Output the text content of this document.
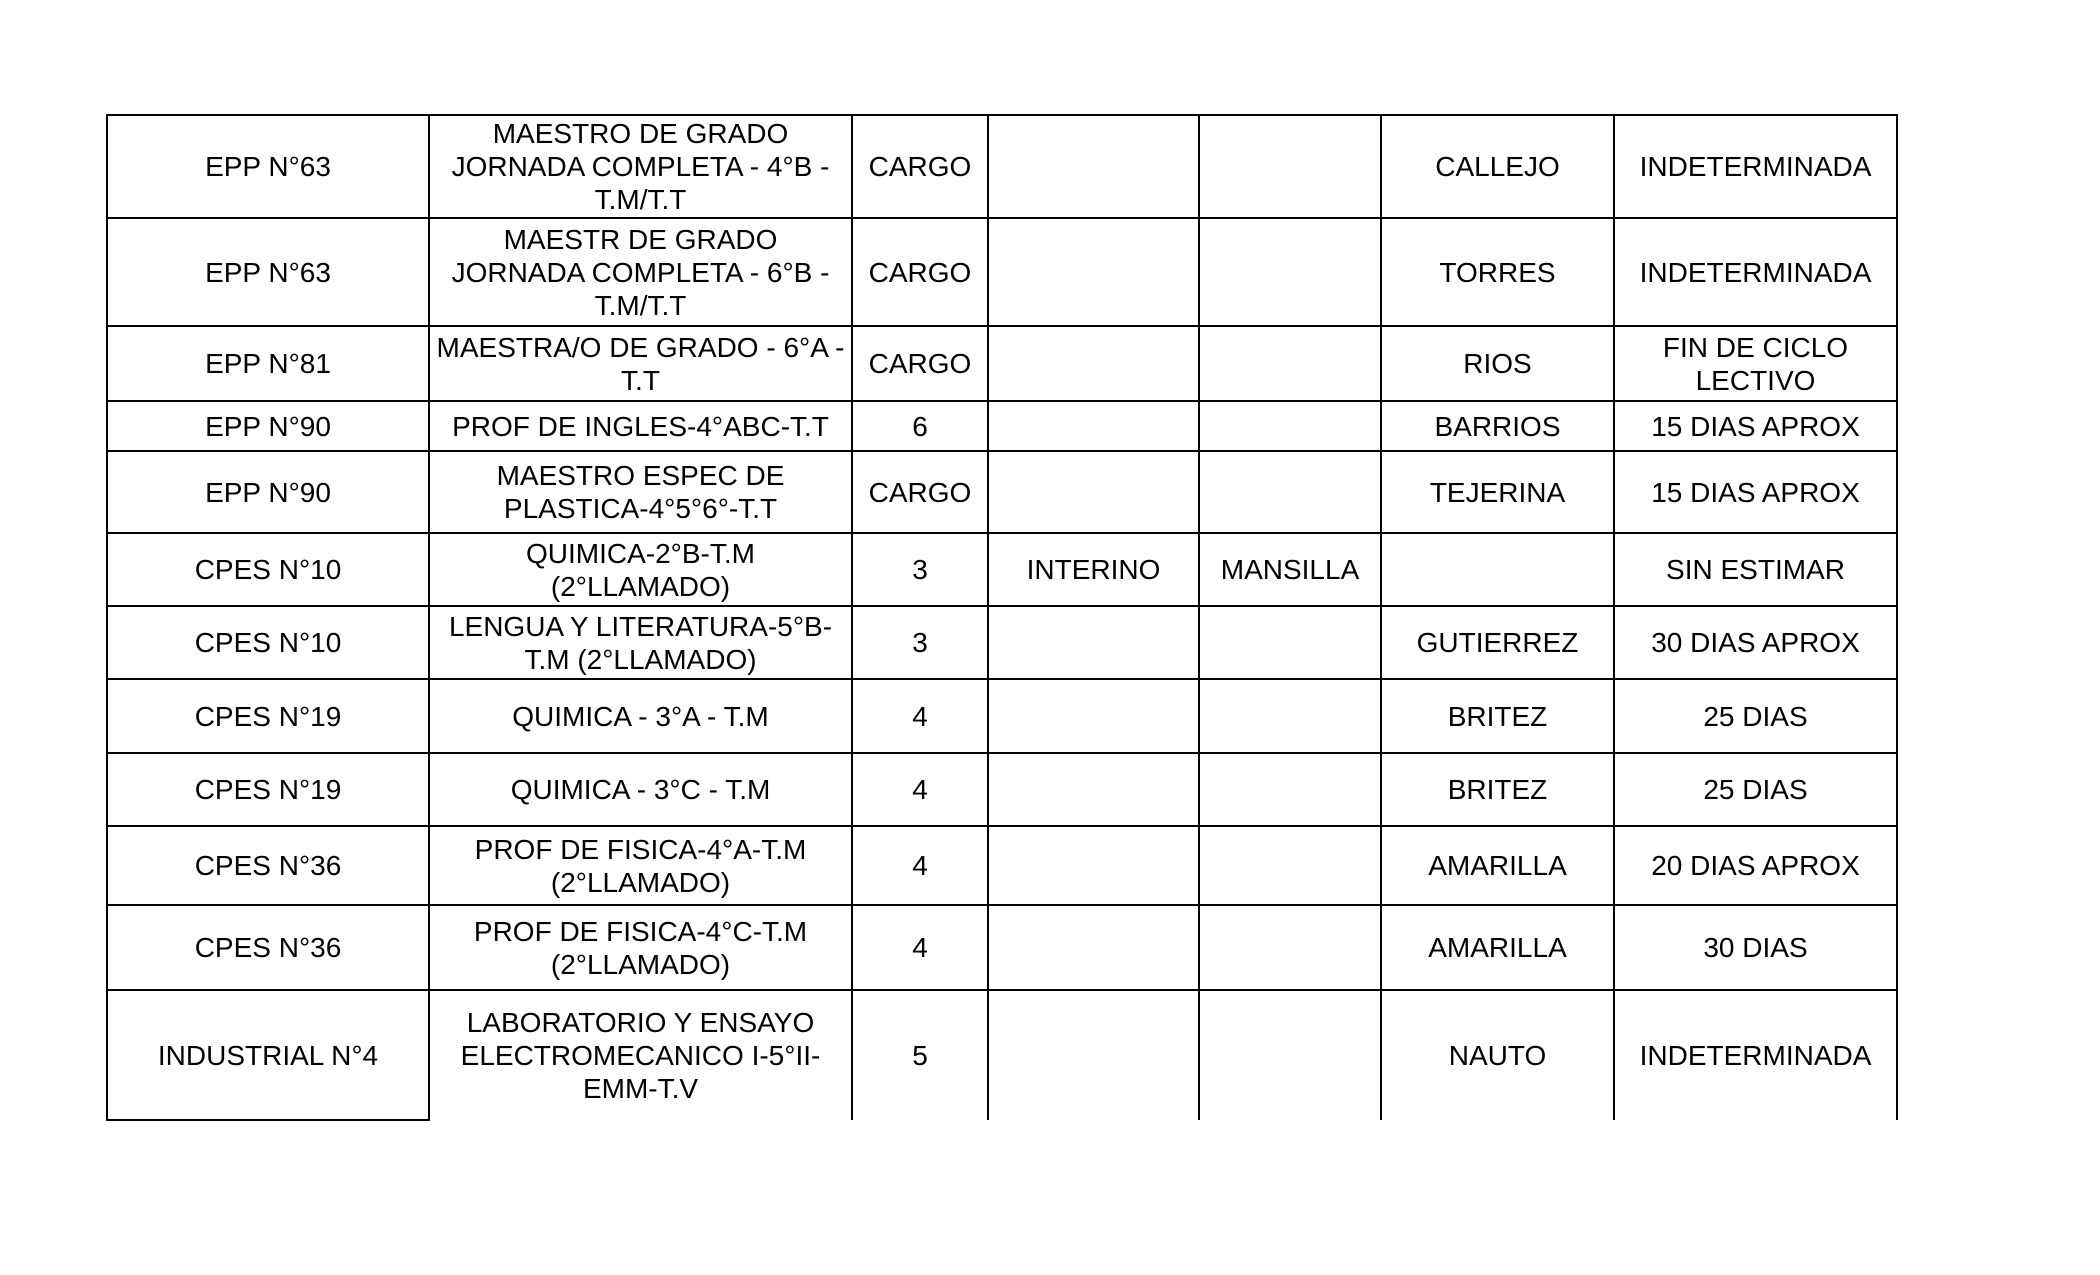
EPP N°63	MAESTRO DE GRADO JORNADA COMPLETA - 4°B - T.M/T.T	CARGO			CALLEJO	INDETERMINADA
EPP N°63	MAESTR DE GRADO JORNADA COMPLETA - 6°B - T.M/T.T	CARGO			TORRES	INDETERMINADA
EPP N°81	MAESTRA/O DE GRADO - 6°A - T.T	CARGO			RIOS	FIN DE CICLO LECTIVO
EPP N°90	PROF DE INGLES-4°ABC-T.T	6			BARRIOS	15 DIAS APROX
EPP N°90	MAESTRO ESPEC DE PLASTICA-4°5°6°-T.T	CARGO			TEJERINA	15 DIAS APROX
CPES N°10	QUIMICA-2°B-T.M (2°LLAMADO)	3	INTERINO	MANSILLA		SIN ESTIMAR
CPES N°10	LENGUA Y LITERATURA-5°B-T.M (2°LLAMADO)	3			GUTIERREZ	30 DIAS APROX
CPES N°19	QUIMICA - 3°A - T.M	4			BRITEZ	25 DIAS
CPES N°19	QUIMICA - 3°C - T.M	4			BRITEZ	25 DIAS
CPES N°36	PROF DE FISICA-4°A-T.M (2°LLAMADO)	4			AMARILLA	20 DIAS APROX
CPES N°36	PROF DE FISICA-4°C-T.M (2°LLAMADO)	4			AMARILLA	30 DIAS
INDUSTRIAL N°4	LABORATORIO Y ENSAYO ELECTROMECANICO I-5°II-EMM-T.V	5			NAUTO	INDETERMINADA
